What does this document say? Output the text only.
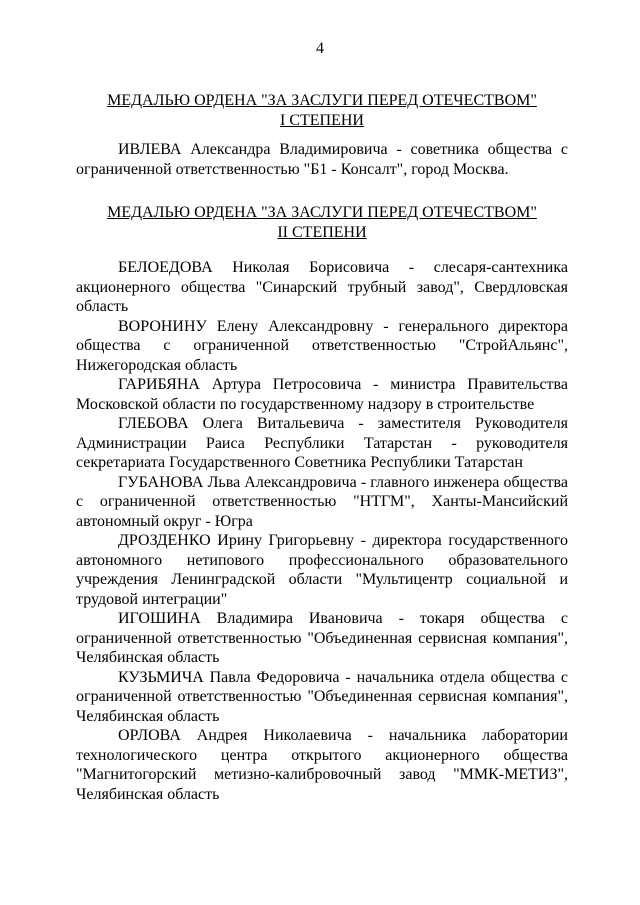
4
МЕДАЛЬЮ ОРДЕНА "ЗА ЗАСЛУГИ ПЕРЕД ОТЕЧЕСТВОМ"
I СТЕПЕНИ

ИВЛЕВА Александра Владимировича - советника общества с ограниченной ответственностью "Б1 - Консалт", город Москва.

МЕДАЛЬЮ ОРДЕНА "ЗА ЗАСЛУГИ ПЕРЕД ОТЕЧЕСТВОМ"
II СТЕПЕНИ

БЕЛОЕДОВА Николая Борисовича - слесаря-сантехника акционерного общества "Синарский трубный завод", Свердловская область

ВОРОНИНУ Елену Александровну - генерального директора общества с ограниченной ответственностью "СтройАльянс", Нижегородская область

ГАРИБЯНА Артура Петросовича - министра Правительства Московской области по государственному надзору в строительстве

ГЛЕБОВА Олега Витальевича - заместителя Руководителя Администрации Раиса Республики Татарстан - руководителя секретариата Государственного Советника Республики Татарстан

ГУБАНОВА Льва Александровича - главного инженера общества с ограниченной ответственностью "НТГМ", Ханты-Мансийский автономный округ - Югра

ДРОЗДЕНКО Ирину Григорьевну - директора государственного автономного нетипового профессионального образовательного учреждения Ленинградской области "Мультицентр социальной и трудовой интеграции"

ИГОШИНА Владимира Ивановича - токаря общества с ограниченной ответственностью "Объединенная сервисная компания", Челябинская область

КУЗЬМИЧА Павла Федоровича - начальника отдела общества с ограниченной ответственностью "Объединенная сервисная компания", Челябинская область

ОРЛОВА Андрея Николаевича - начальника лаборатории технологического центра открытого акционерного общества "Магнитогорский метизно-калибровочный завод "ММК-МЕТИЗ", Челябинская область
